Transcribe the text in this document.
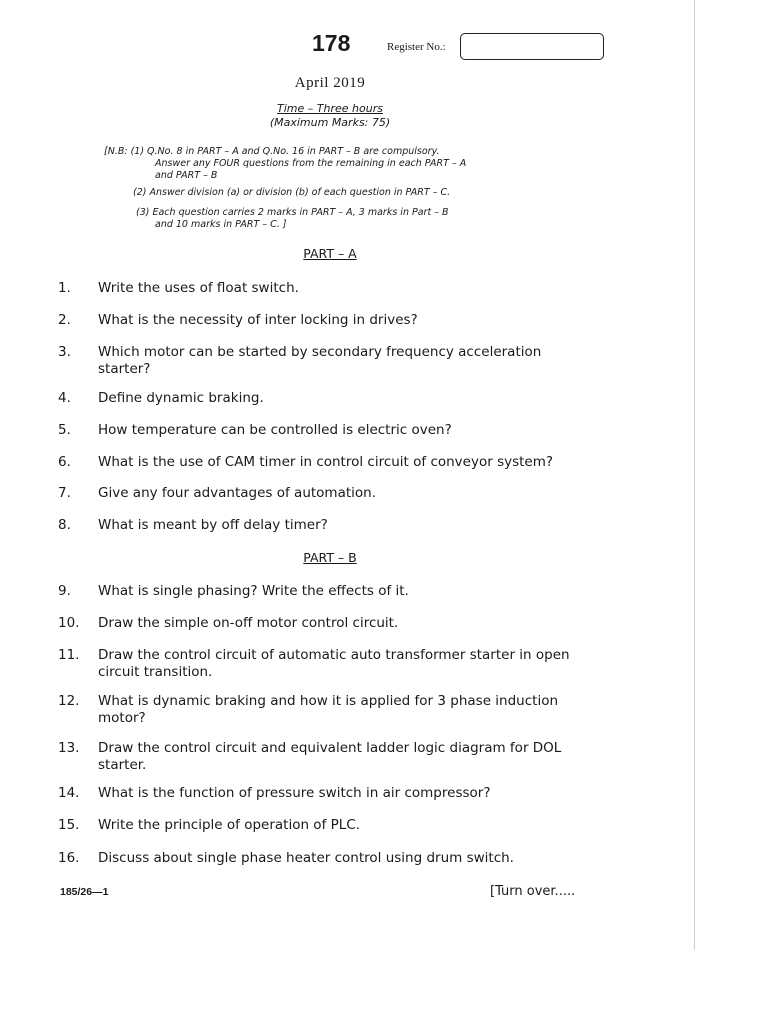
178	Register No.:
April 2019
Time – Three hours
(Maximum Marks: 75)
[N.B: (1) Q.No. 8 in PART – A and Q.No. 16 in PART – B are compulsory.
Answer any FOUR questions from the remaining in each PART – A
and PART – B
(2) Answer division (a) or division (b) of each question in PART – C.
(3) Each question carries 2 marks in PART – A, 3 marks in Part – B
and 10 marks in PART – C. ]
PART – A
1. Write the uses of float switch.
2. What is the necessity of inter locking in drives?
3. Which motor can be started by secondary frequency acceleration starter?
4. Define dynamic braking.
5. How temperature can be controlled is electric oven?
6. What is the use of CAM timer in control circuit of conveyor system?
7. Give any four advantages of automation.
8. What is meant by off delay timer?
PART – B
9. What is single phasing? Write the effects of it.
10. Draw the simple on-off motor control circuit.
11. Draw the control circuit of automatic auto transformer starter in open circuit transition.
12. What is dynamic braking and how it is applied for 3 phase induction motor?
13. Draw the control circuit and equivalent ladder logic diagram for DOL starter.
14. What is the function of pressure switch in air compressor?
15. Write the principle of operation of PLC.
16. Discuss about single phase heater control using drum switch.
185/26—1	[Turn over.....
